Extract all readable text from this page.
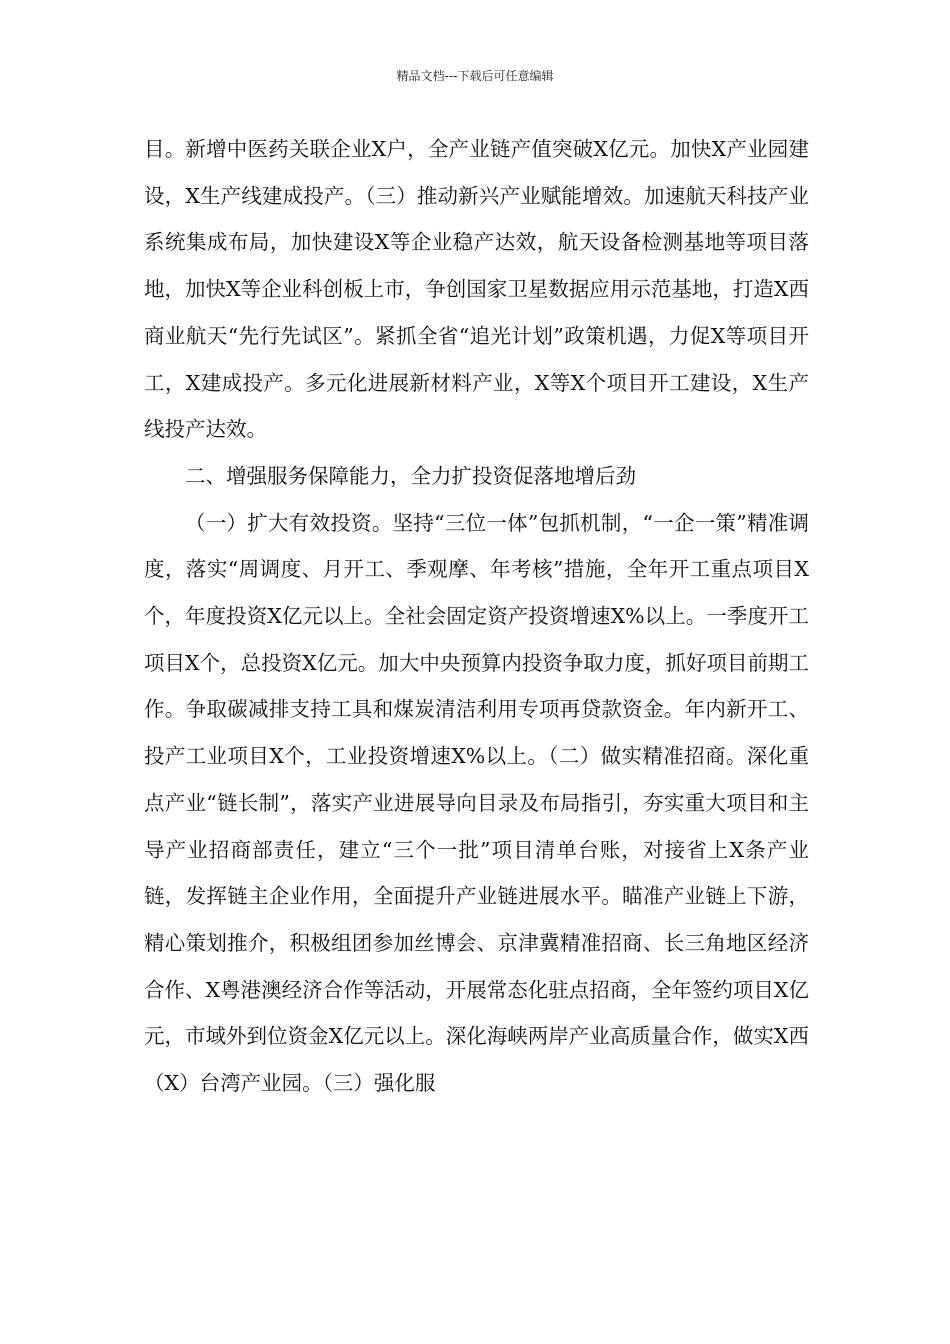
精品文档---下载后可任意编辑

目。新增中医药关联企业X户，全产业链产值突破X亿元。加快X产业园建设，X生产线建成投产。（三）推动新兴产业赋能增效。加速航天科技产业系统集成布局，加快建设X等企业稳产达效，航天设备检测基地等项目落地，加快X等企业科创板上市，争创国家卫星数据应用示范基地，打造X西商业航天“先行先试区”。紧抓全省“追光计划”政策机遇，力促X等项目开工，X建成投产。多元化进展新材料产业，X等X个项目开工建设，X生产线投产达效。

二、增强服务保障能力，全力扩投资促落地增后劲

（一）扩大有效投资。坚持“三位一体”包抓机制，“一企一策”精准调度，落实“周调度、月开工、季观摩、年考核”措施，全年开工重点项目X个，年度投资X亿元以上。全社会固定资产投资增速X%以上。一季度开工项目X个，总投资X亿元。加大中央预算内投资争取力度，抓好项目前期工作。争取碳减排支持工具和煤炭清洁利用专项再贷款资金。年内新开工、投产工业项目X个，工业投资增速X%以上。（二）做实精准招商。深化重点产业“链长制”，落实产业进展导向目录及布局指引，夯实重大项目和主导产业招商部责任，建立“三个一批”项目清单台账，对接省上X条产业链，发挥链主企业作用，全面提升产业链进展水平。瞄准产业链上下游，精心策划推介，积极组团参加丝博会、京津冀精准招商、长三角地区经济合作、X粤港澳经济合作等活动，开展常态化驻点招商，全年签约项目X亿元，市域外到位资金X亿元以上。深化海峡两岸产业高质量合作，做实X西（X）台湾产业园。（三）强化服
